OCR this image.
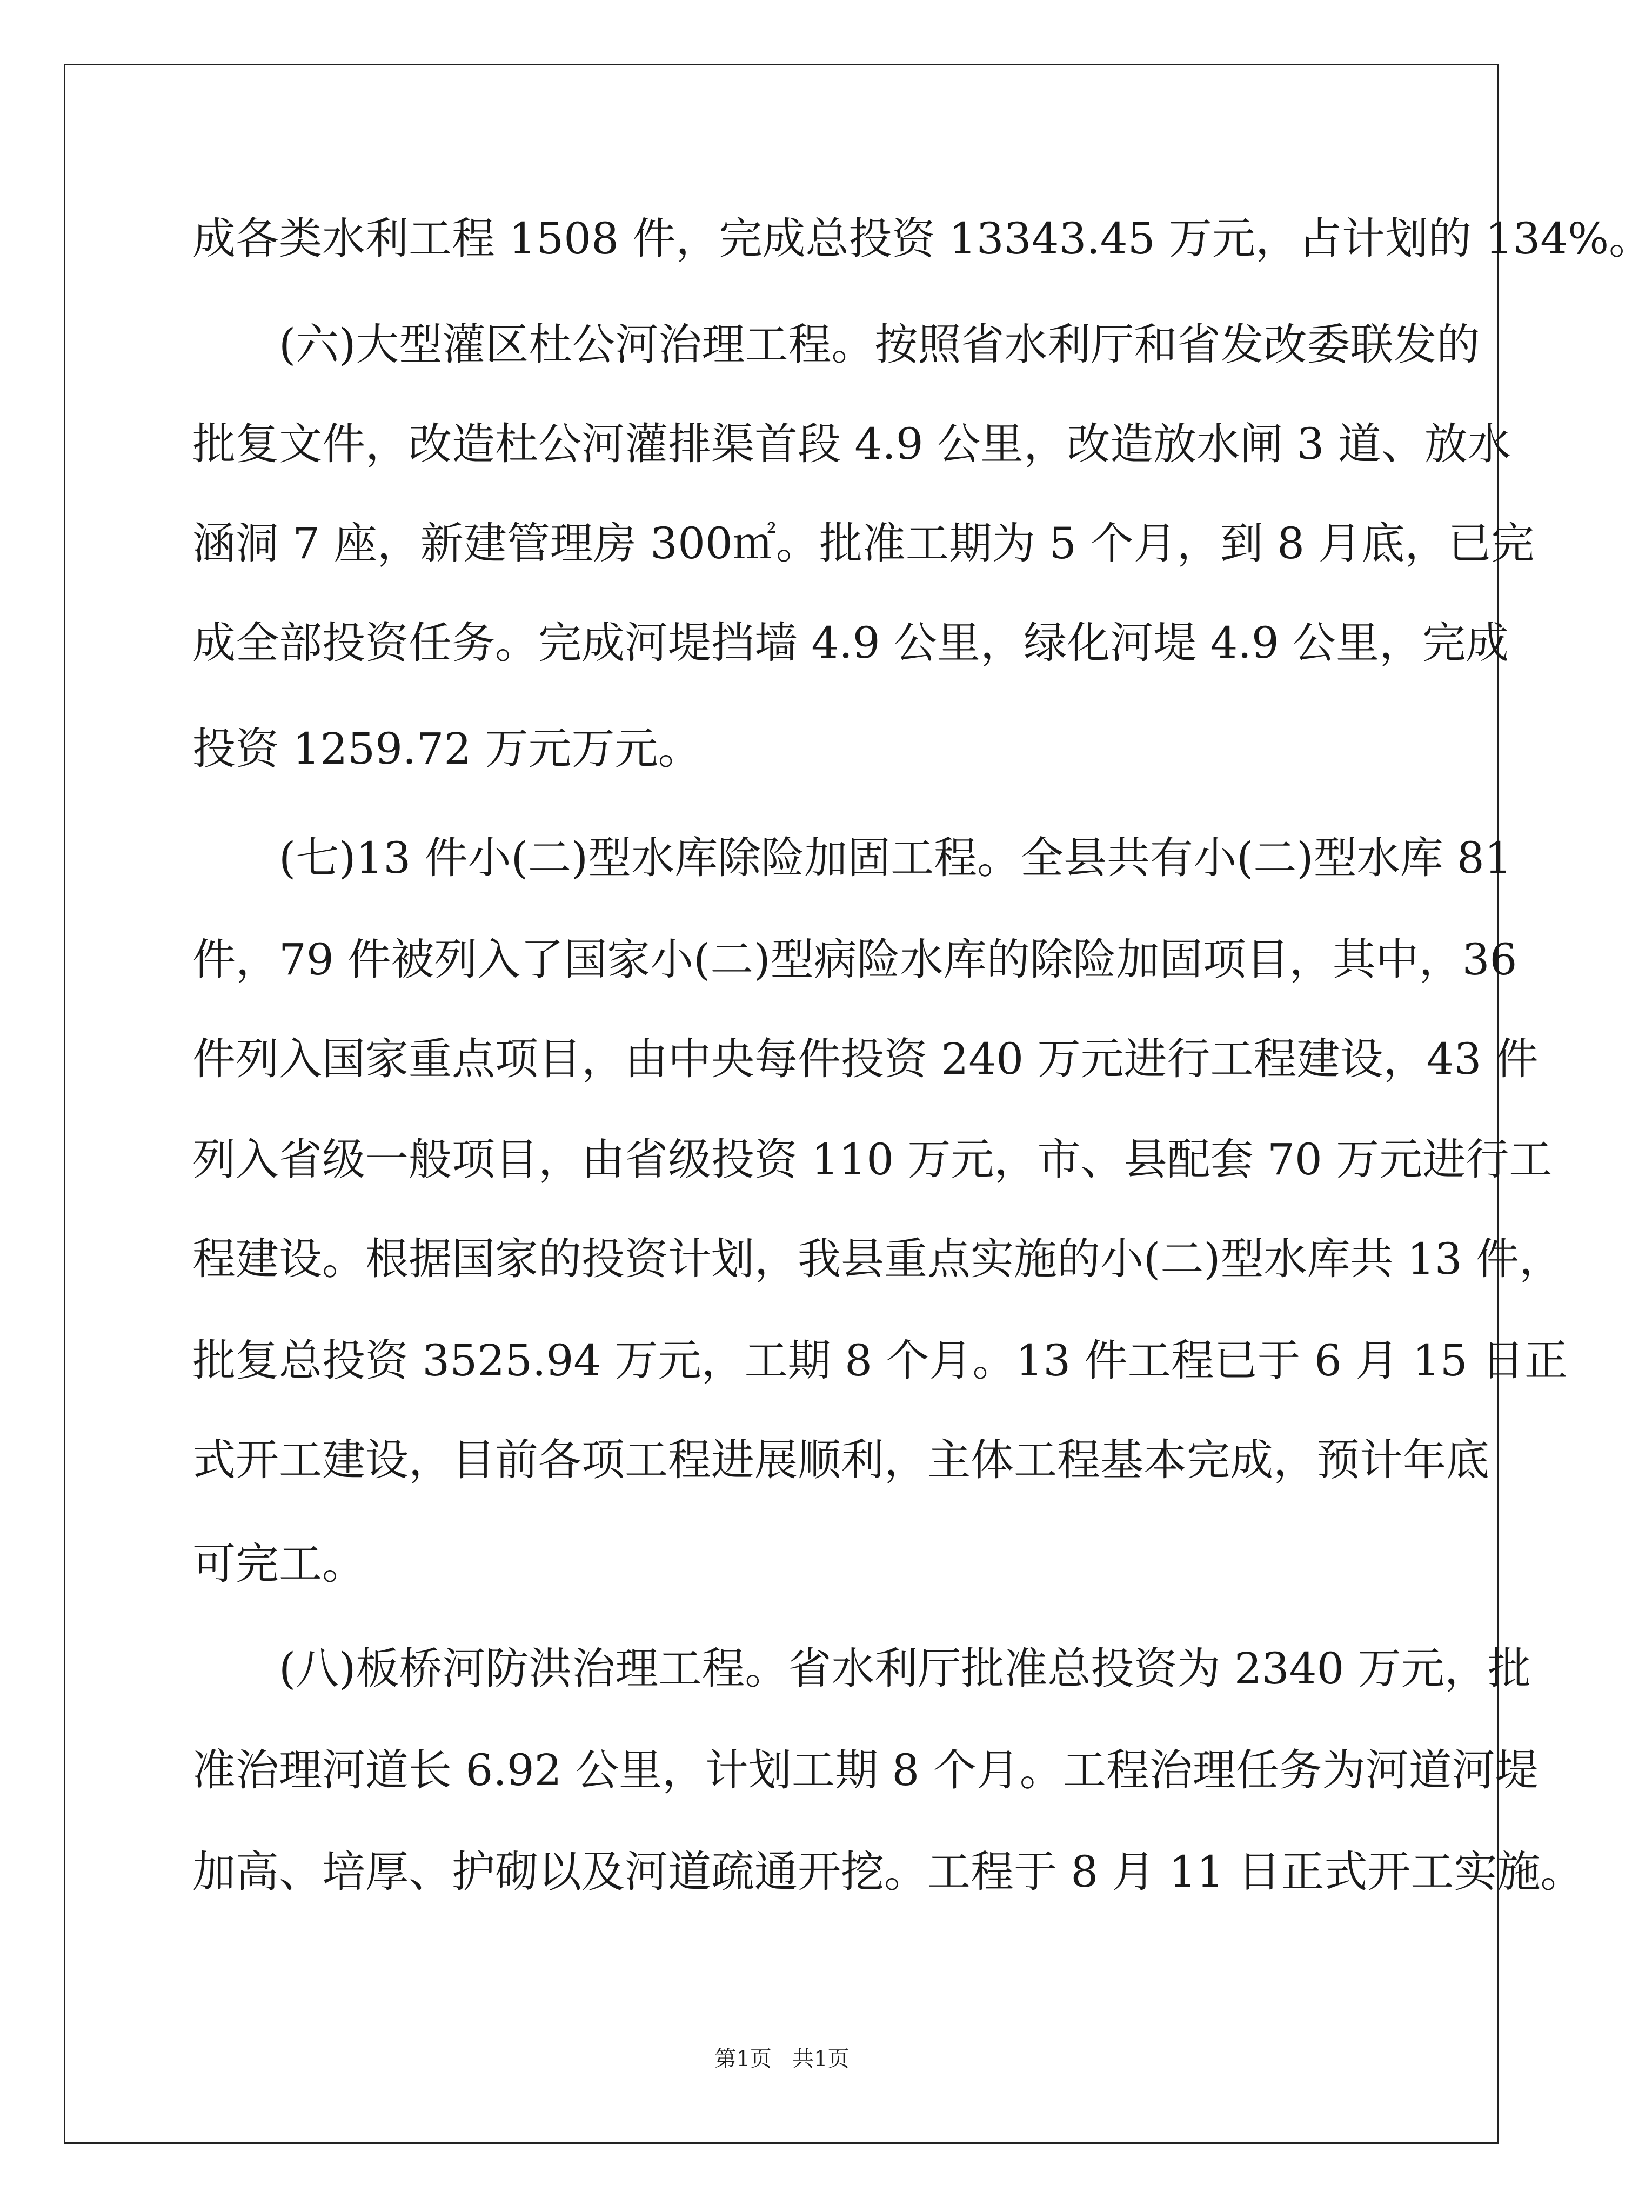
成各类水利工程 1508 件，完成总投资 13343.45 万元，占计划的 134%。
(六)大型灌区杜公河治理工程。按照省水利厅和省发改委联发的
批复文件，改造杜公河灌排渠首段 4.9 公里，改造放水闸 3 道、放水
涵洞 7 座，新建管理房 300㎡。批准工期为 5 个月，到 8 月底，已完
成全部投资任务。完成河堤挡墙 4.9 公里，绿化河堤 4.9 公里，完成
投资 1259.72 万元万元。
(七)13 件小(二)型水库除险加固工程。全县共有小(二)型水库 81
件，79 件被列入了国家小(二)型病险水库的除险加固项目，其中，36
件列入国家重点项目，由中央每件投资 240 万元进行工程建设，43 件
列入省级一般项目，由省级投资 110 万元，市、县配套 70 万元进行工
程建设。根据国家的投资计划，我县重点实施的小(二)型水库共 13 件，
批复总投资 3525.94 万元，工期 8 个月。13 件工程已于 6 月 15 日正
式开工建设，目前各项工程进展顺利，主体工程基本完成，预计年底
可完工。
(八)板桥河防洪治理工程。省水利厅批准总投资为 2340 万元，批
准治理河道长 6.92 公里，计划工期 8 个月。工程治理任务为河道河堤
加高、培厚、护砌以及河道疏通开挖。工程于 8 月 11 日正式开工实施。
第1页   共1页
